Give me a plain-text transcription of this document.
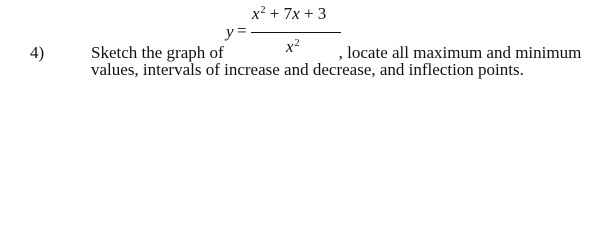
4)
y =
$x^2 + 7x + 3$
$x^2$
Sketch the graph of	, locate all maximum and minimum
values, intervals of increase and decrease, and inflection points.
